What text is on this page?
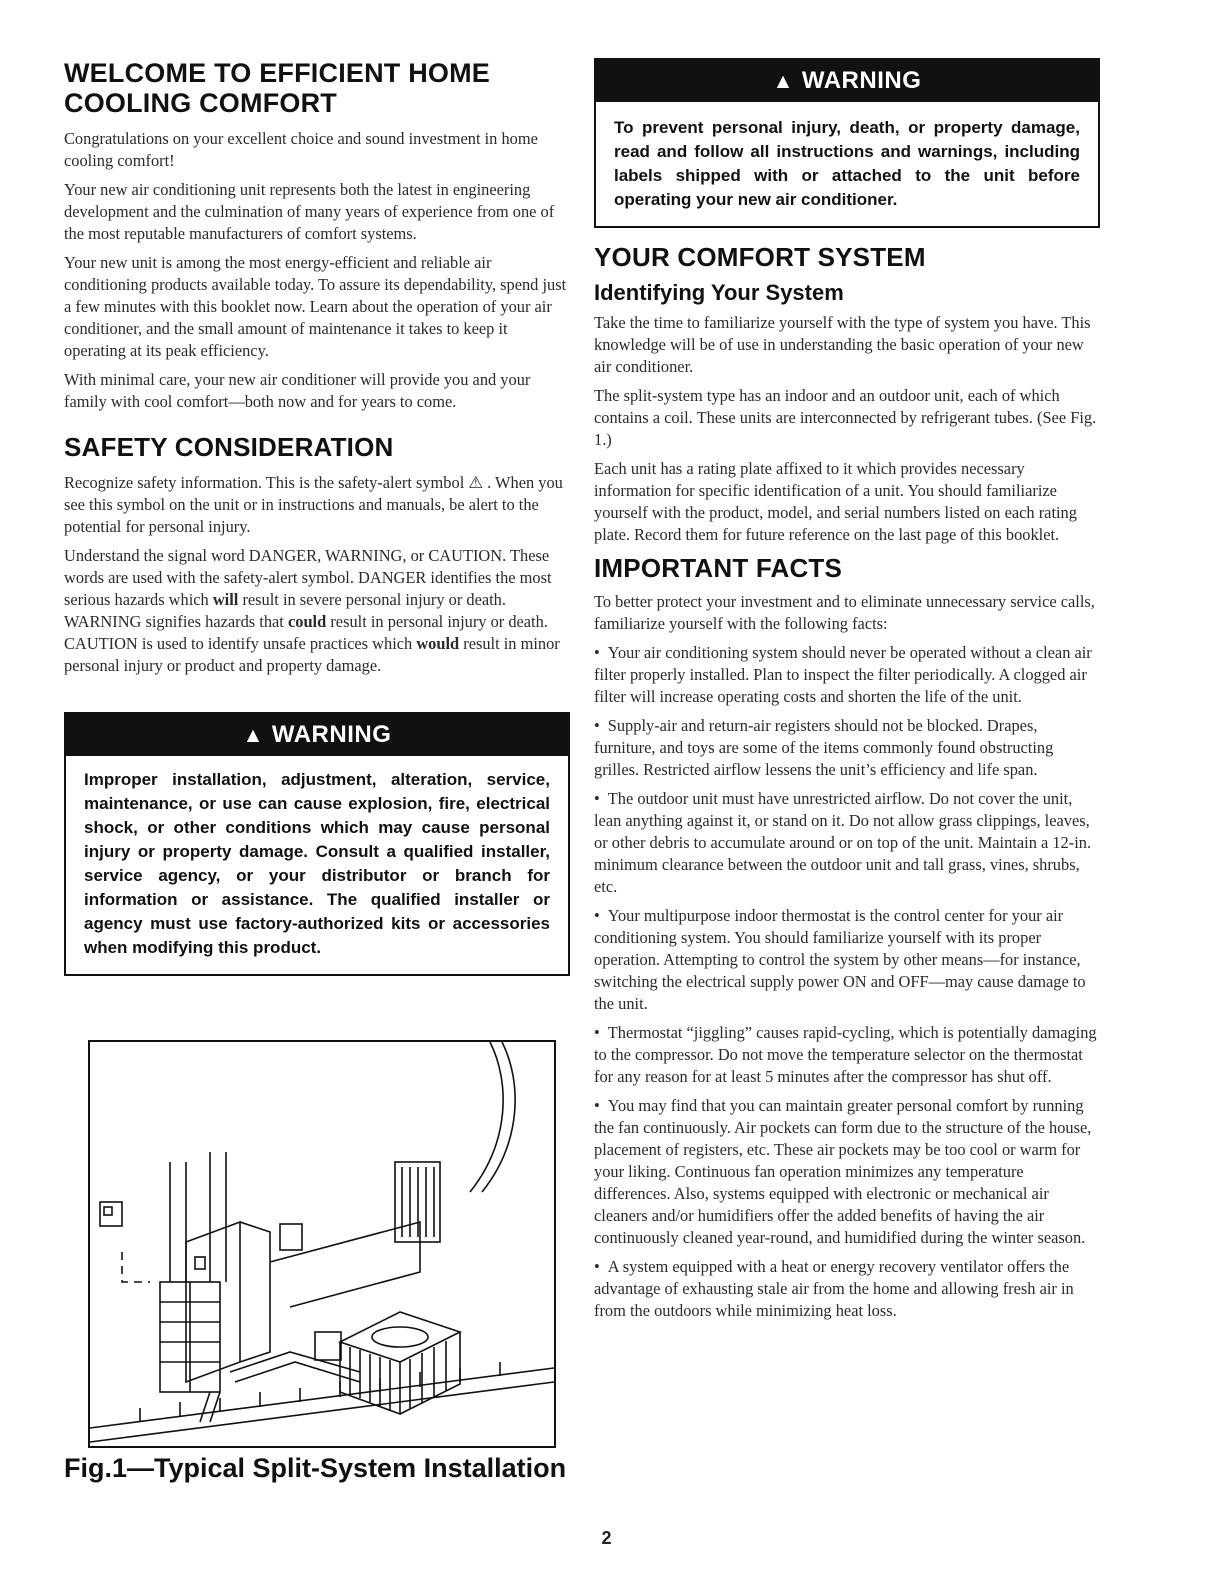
WELCOME TO EFFICIENT HOME
COOLING COMFORT

Congratulations on your excellent choice and sound investment in home cooling comfort!

Your new air conditioning unit represents both the latest in engineering development and the culmination of many years of experience from one of the most reputable manufacturers of comfort systems.

Your new unit is among the most energy-efficient and reliable air conditioning products available today. To assure its dependability, spend just a few minutes with this booklet now. Learn about the operation of your air conditioner, and the small amount of maintenance it takes to keep it operating at its peak efficiency.

With minimal care, your new air conditioner will provide you and your family with cool comfort—both now and for years to come.

SAFETY CONSIDERATION

Recognize safety information. This is the safety-alert symbol ⚠ . When you see this symbol on the unit or in instructions and manuals, be alert to the potential for personal injury.

Understand the signal word DANGER, WARNING, or CAUTION. These words are used with the safety-alert symbol. DANGER identifies the most serious hazards which will result in severe personal injury or death. WARNING signifies hazards that could result in personal injury or death. CAUTION is used to identify unsafe practices which would result in minor personal injury or product and property damage.

▲ WARNING
Improper installation, adjustment, alteration, service, maintenance, or use can cause explosion, fire, electrical shock, or other conditions which may cause personal injury or property damage. Consult a qualified installer, service agency, or your distributor or branch for information or assistance. The qualified installer or agency must use factory-authorized kits or accessories when modifying this product.
Fig.1—Typical Split-System Installation
▲ WARNING
To prevent personal injury, death, or property damage, read and follow all instructions and warnings, including labels shipped with or attached to the unit before operating your new air conditioner.
YOUR COMFORT SYSTEM
Identifying Your System

Take the time to familiarize yourself with the type of system you have. This knowledge will be of use in understanding the basic operation of your new air conditioner.

The split-system type has an indoor and an outdoor unit, each of which contains a coil. These units are interconnected by refrigerant tubes. (See Fig. 1.)

Each unit has a rating plate affixed to it which provides necessary information for specific identification of a unit. You should familiarize yourself with the product, model, and serial numbers listed on each rating plate. Record them for future reference on the last page of this booklet.

IMPORTANT FACTS

To better protect your investment and to eliminate unnecessary service calls, familiarize yourself with the following facts:

• Your air conditioning system should never be operated without a clean air filter properly installed. Plan to inspect the filter periodically. A clogged air filter will increase operating costs and shorten the life of the unit.

• Supply-air and return-air registers should not be blocked. Drapes, furniture, and toys are some of the items commonly found obstructing grilles. Restricted airflow lessens the unit’s efficiency and life span.

• The outdoor unit must have unrestricted airflow. Do not cover the unit, lean anything against it, or stand on it. Do not allow grass clippings, leaves, or other debris to accumulate around or on top of the unit. Maintain a 12-in. minimum clearance between the outdoor unit and tall grass, vines, shrubs, etc.

• Your multipurpose indoor thermostat is the control center for your air conditioning system. You should familiarize yourself with its proper operation. Attempting to control the system by other means—for instance, switching the electrical supply power ON and OFF—may cause damage to the unit.

• Thermostat “jiggling” causes rapid-cycling, which is potentially damaging to the compressor. Do not move the temperature selector on the thermostat for any reason for at least 5 minutes after the compressor has shut off.

• You may find that you can maintain greater personal comfort by running the fan continuously. Air pockets can form due to the structure of the house, placement of registers, etc. These air pockets may be too cool or warm for your liking. Continuous fan operation minimizes any temperature differences. Also, systems equipped with electronic or mechanical air cleaners and/or humidifiers offer the added benefits of having the air continuously cleaned year-round, and humidified during the winter season.

• A system equipped with a heat or energy recovery ventilator offers the advantage of exhausting stale air from the home and allowing fresh air in from the outdoors while minimizing heat loss.

2
